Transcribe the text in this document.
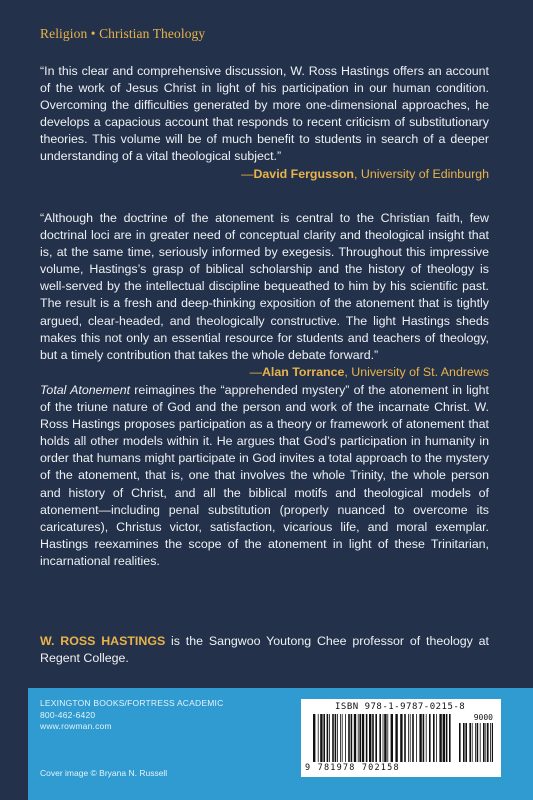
Religion • Christian Theology

“In this clear and comprehensive discussion, W. Ross Hastings offers an account of the work of Jesus Christ in light of his participation in our human condition. Overcoming the difficulties generated by more one-dimensional approaches, he develops a capacious account that responds to recent criticism of substitutionary theories. This volume will be of much benefit to students in search of a deeper understanding of a vital theological subject.”
—David Fergusson, University of Edinburgh

“Although the doctrine of the atonement is central to the Christian faith, few doctrinal loci are in greater need of conceptual clarity and theological insight that is, at the same time, seriously informed by exegesis. Throughout this impressive volume, Hastings’s grasp of biblical scholarship and the history of theology is well-served by the intellectual discipline bequeathed to him by his scientific past. The result is a fresh and deep-thinking exposition of the atonement that is tightly argued, clear-headed, and theologically constructive. The light Hastings sheds makes this not only an essential resource for students and teachers of theology, but a timely contribution that takes the whole debate forward.”
—Alan Torrance, University of St. Andrews

Total Atonement reimagines the “apprehended mystery” of the atonement in light of the triune nature of God and the person and work of the incarnate Christ. W. Ross Hastings proposes participation as a theory or framework of atonement that holds all other models within it. He argues that God’s participation in humanity in order that humans might participate in God invites a total approach to the mystery of the atonement, that is, one that involves the whole Trinity, the whole person and history of Christ, and all the biblical motifs and theological models of atonement—including penal substitution (properly nuanced to overcome its caricatures), Christus victor, satisfaction, vicarious life, and moral exemplar. Hastings reexamines the scope of the atonement in light of these Trinitarian, incarnational realities.

W. ROSS HASTINGS is the Sangwoo Youtong Chee professor of theology at Regent College.

LEXINGTON BOOKS/FORTRESS ACADEMIC
800-462-6420
www.rowman.com
Cover image © Bryana N. Russell
ISBN 978-1-9787-0215-8
9000
9 781978 702158
